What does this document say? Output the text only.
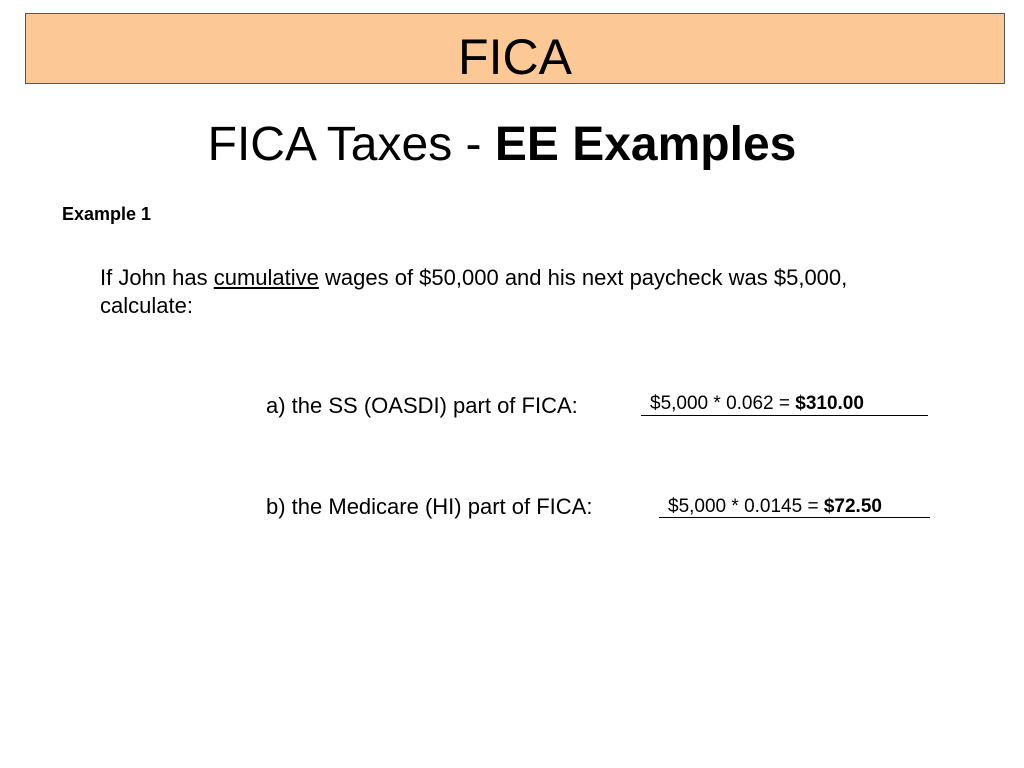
FICA
FICA Taxes - EE Examples
Example 1
If John has cumulative wages of $50,000 and his next paycheck was $5,000, calculate:
a) the SS (OASDI) part of FICA:	$5,000 * 0.062 = $310.00
b) the Medicare (HI) part of FICA:	$5,000 * 0.0145 = $72.50
